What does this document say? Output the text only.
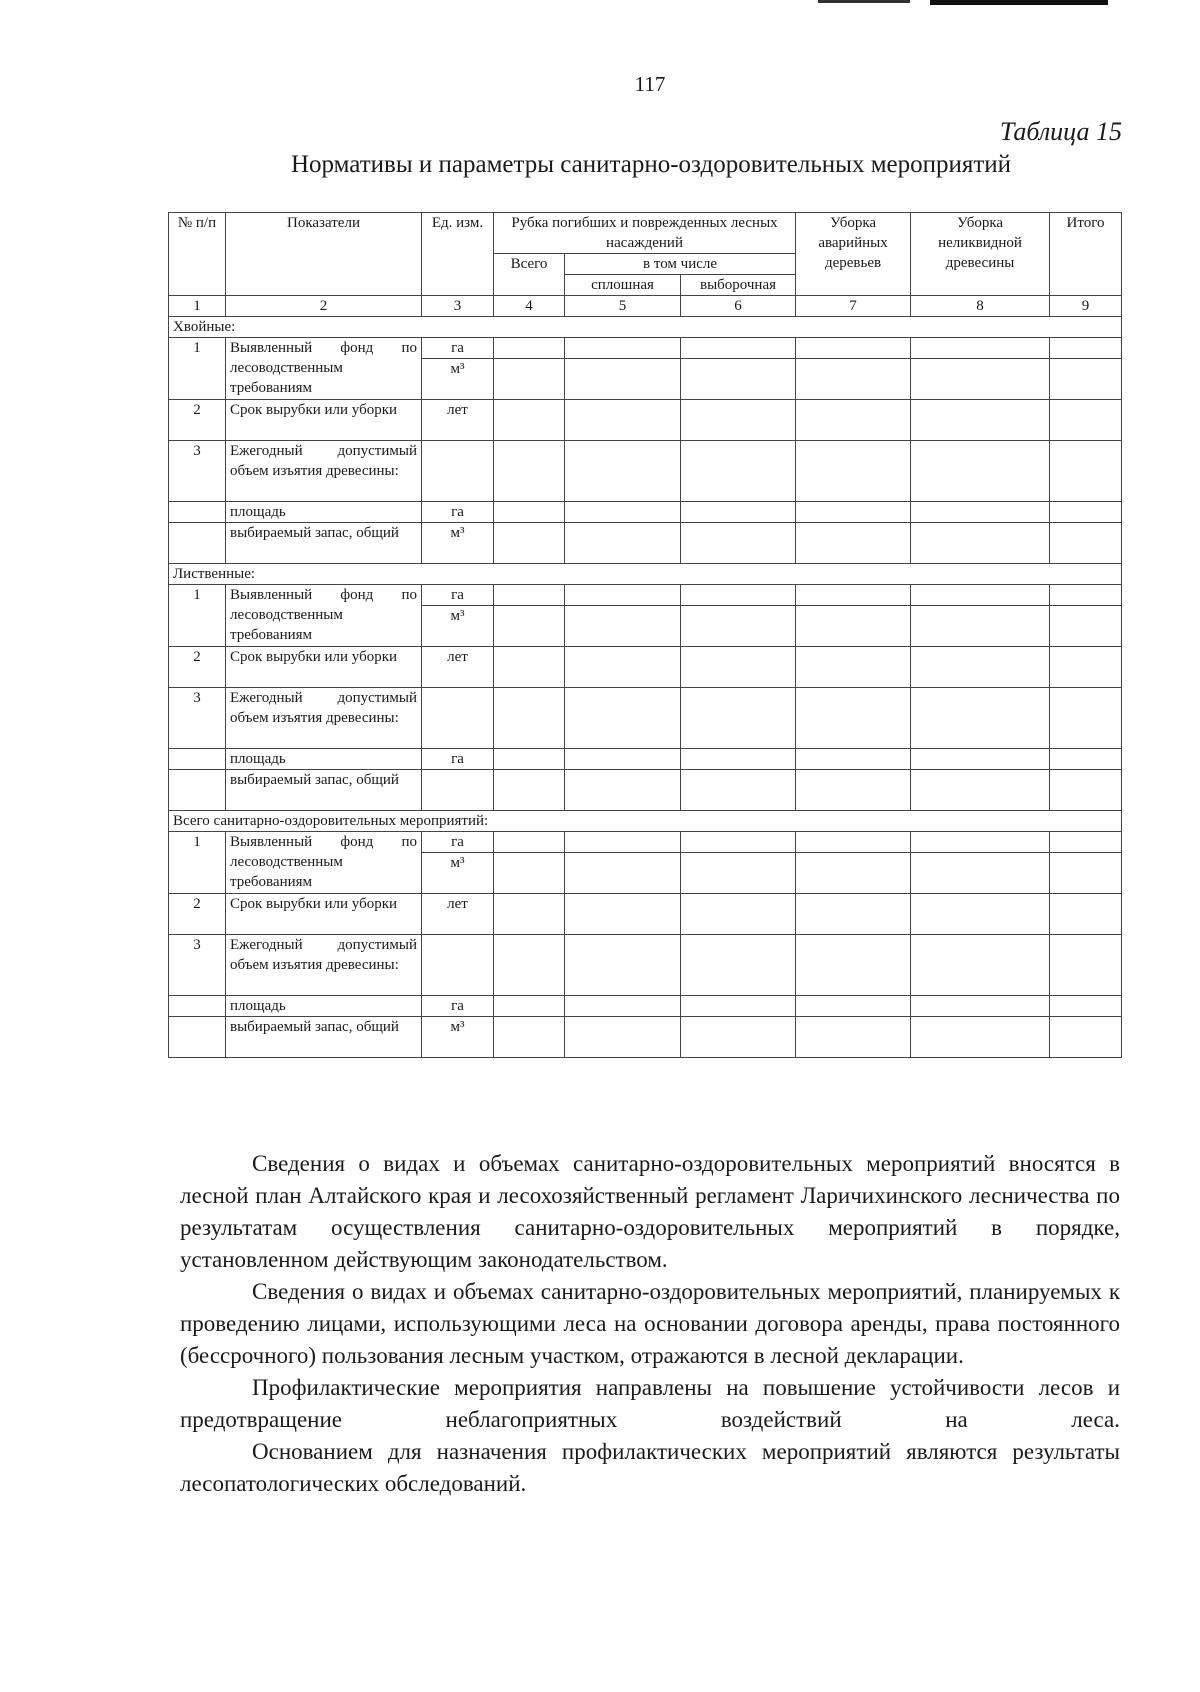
117
Таблица 15
Нормативы и параметры санитарно-оздоровительных мероприятий
№ п/п	Показатели	Ед. изм.	Рубка погибших и поврежденных лесных насаждений			Уборка аварийных деревьев	Уборка неликвидной древесины	Итого
			Всего	в том числе				
				сплошная	выборочная			
1	2	3	4	5	6	7	8	9
Хвойные:								
1	Выявленный фонд по лесоводственным требованиям	га						
		м³						
2	Срок вырубки или уборки	лет						
3	Ежегодный допустимый объем изъятия древесины:							
	площадь	га						
	выбираемый запас, общий	м³						
Лиственные:								
1	Выявленный фонд по лесоводственным требованиям	га						
		м³						
2	Срок вырубки или уборки	лет						
3	Ежегодный допустимый объем изъятия древесины:							
	площадь	га						
	выбираемый запас, общий							
Всего санитарно-оздоровительных мероприятий:								
1	Выявленный фонд по лесоводственным требованиям	га						
		м³						
2	Срок вырубки или уборки	лет						
3	Ежегодный допустимый объем изъятия древесины:							
	площадь	га						
	выбираемый запас, общий	м³						

Сведения о видах и объемах санитарно-оздоровительных мероприятий вносятся в лесной план Алтайского края и лесохозяйственный регламент Ларичихинского лесничества по результатам осуществления санитарно-оздоровительных мероприятий в порядке, установленном действующим законодательством.

Сведения о видах и объемах санитарно-оздоровительных мероприятий, планируемых к проведению лицами, использующими леса на основании договора аренды, права постоянного (бессрочного) пользования лесным участком, отражаются в лесной декларации.

Профилактические мероприятия направлены на повышение устойчивости лесов и предотвращение неблагоприятных воздействий на леса.

Основанием для назначения профилактических мероприятий являются результаты лесопатологических обследований.
